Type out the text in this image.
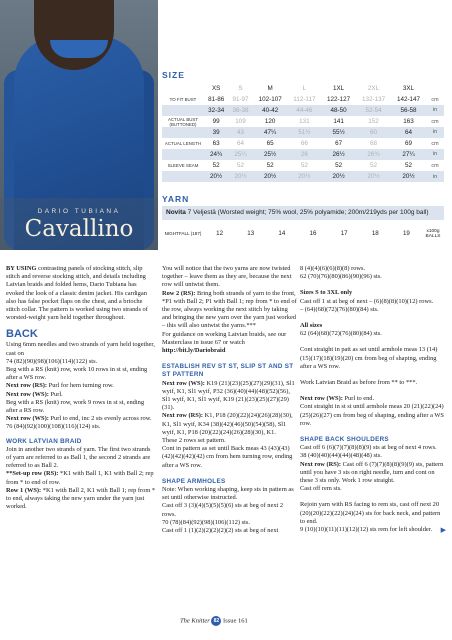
DARIO TUBIANA
Cavallino
SIZE
	XS	S	M	L	1XL	2XL	3XL	
TO FIT BUST	81-86	91-97	102-107	112-117	122-127	132-137	142-147	cm
	32-34	36-38	40-42	44-46	48-50	52-54	56-58	in
ACTUAL BUST (BUTTONED)	99	109	120	131	141	152	163	cm
	39	43	47¼	51½	55½	60	64	in
ACTUAL LENGTH	63	64	65	66	67	68	69	cm
	24¾	25¼	25½	26	26½	26¾	27¼	in
SLEEVE SEAM	52	52	52	52	52	52	52	cm
	20½	20½	20½	20½	20½	20½	20½	in
YARN
Novita 7 Veljestä (Worsted weight; 75% wool, 25% polyamide; 200m/219yds per 100g ball)
NIGHTFALL (187)	12	13	14	16	17	18	19	x100g BALLS

BY USING contrasting panels of stocking stitch, slip stitch and reverse stocking stitch, and details including Latvian braids and folded hems, Dario Tubiana has evoked the look of a classic denim jacket. His cardigan also has false pocket flaps on the chest, and a brioche stitch collar. The pattern is worked using two strands of worsted-weight yarn held together throughout.

BACK

Using 6mm needles and two strands of yarn held together, cast on

74 (82)(90)(98)(106)(114)(122) sts.

Beg with a RS (knit) row, work 10 rows in st st, ending after a WS row.

Next row (RS): Purl for hem turning row.

Next row (WS): Purl.

Beg with a RS (knit) row, work 9 rows in st st, ending after a RS row.

Next row (WS): Purl to end, inc 2 sts evenly across row.

76 (84)(92)(100)(108)(116)(124) sts.

WORK LATVIAN BRAID

Join in another two strands of yarn. The first two strands of yarn are referred to as Ball 1, the second 2 strands are referred to as Ball 2.

**Set-up row (RS): *K1 with Ball 1, K1 with Ball 2; rep from * to end of row.

Row 1 (WS): *K1 with Ball 2, K1 with Ball 1; rep from * to end, always taking the new yarn under the yarn just worked.

You will notice that the two yarns are now twisted together – leave them as they are, because the next row will untwist them.

Row 2 (RS): Bring both strands of yarn to the front, *P1 with Ball 2; P1 with Ball 1; rep from * to end of the row, always working the next stitch by taking and bringing the new yarn over the yarn just worked – this will also untwist the yarns.***

For guidance on working Latvian braids, see our Masterclass in issue 67 or watch http://bit.ly/Dariobraid

ESTABLISH REV ST ST, SLIP ST AND ST ST PATTERN

Next row (WS): K19 (21)(23)(25)(27)(29)(31), Sl1 wyif, K1, Sl1 wyif, P32 (36)(40)(44)(48)(52)(56), Sl1 wyif, K1, Sl1 wyif, K19 (21)(23)(25)(27)(29)(31).

Next row (RS): K1, P18 (20)(22)(24)(26)(28)(30), K1, Sl1 wyif, K34 (38)(42)(46)(50)(54)(58), Sl1 wyif, K1, P18 (20)(22)(24)(26)(28)(30), K1.

These 2 rows set pattern.

Cont in pattern as set until Back meas 43 (43)(43)(42)(42)(42)(42) cm from hem turning row, ending after a WS row.

SHAPE ARMHOLES

Note: When working shaping, keep sts in pattern as set until otherwise instructed.

Cast off 3 (3)(4)(5)(5)(5)(6) sts at beg of next 2 rows.

70 (78)(84)(92)(98)(106)(112) sts.

Cast off 1 (1)(2)(2)(2)(2)(2) sts at beg of next

8 (4)(4)(6)(6)(8)(8) rows.

62 (70)(76)(80)(86)(90)(96) sts.

Sizes S to 3XL only

Cast off 1 st at beg of next – (6)(8)(8)(10)(12) rows.

– (64)(68)(72)(76)(80)(84) sts.

All sizes

62 (64)(68)(72)(76)(80)(84) sts.

Cont straight in patt as set until armhole meas 13 (14)(15)(17)(18)(19)(20) cm from beg of shaping, ending after a WS row.

Work Latvian Braid as before from ** to ***.

Next row (WS): Purl to end.

Cont straight in st st until armhole meas 20 (21)(22)(24)(25)(26)(27) cm from beg of shaping, ending after a WS row.

SHAPE BACK SHOULDERS

Cast off 6 (6)(7)(7)(8)(8)(9) sts at beg of next 4 rows.

38 (40)(40)(44)(44)(48)(48) sts.

Next row (RS): Cast off 6 (7)(7)(8)(8)(9)(9) sts, pattern until you have 3 sts on right needle, turn and cont on these 3 sts only. Work 1 row straight.

Cast off rem sts.

Rejoin yarn with RS facing to rem sts, cast off next 20 (20)(20)(22)(22)(24)(24) sts for back neck, and pattern to end.

9 (10)(10)(11)(11)(12)(12) sts rem for left shoulder. ▶

The Knitter 82 Issue 161
